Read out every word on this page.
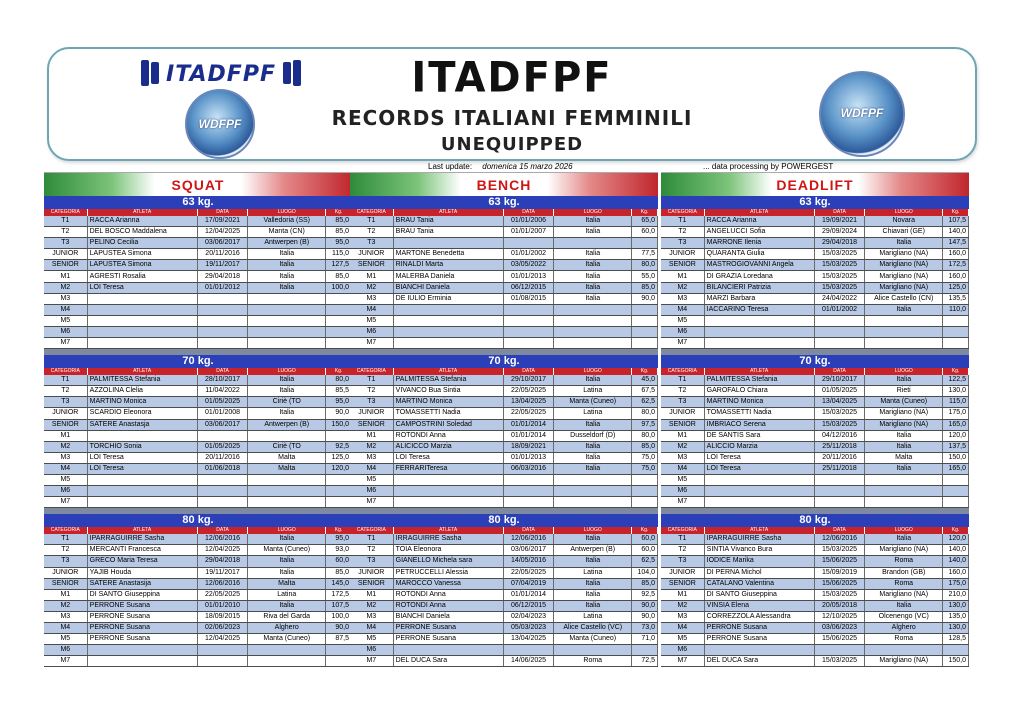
ITADFPF
WDFPF
ITADFPF
RECORDS ITALIANI FEMMINILI
UNEQUIPPED
WDFPF
Last update: domenica 15 marzo 2026	... data processing by POWERGEST
SQUAT
63 kg.
CATEGORIA	ATLETA	DATA	LUOGO	Kg.
T1	RACCA Arianna	17/09/2021	Valledoria (SS)	85,0
T2	DEL BOSCO Maddalena	12/04/2025	Manta (CN)	85,0
T3	PELINO Cecilia	03/06/2017	Antwerpen (B)	95,0
JUNIOR	LAPUSTEA Simona	20/11/2016	Italia	115,0
SENIOR	LAPUSTEA Simona	19/11/2017	Italia	127,5
M1	AGRESTI Rosalia	29/04/2018	Italia	85,0
M2	LOI Teresa	01/01/2012	Italia	100,0
M3				
M4				
M5				
M6				
M7				
70 kg.
CATEGORIA	ATLETA	DATA	LUOGO	Kg.
T1	PALMITESSA Stefania	28/10/2017	Italia	80,0
T2	AZZOLINA Clelia	11/04/2022	Italia	85,5
T3	MARTINO Monica	01/05/2025	Ciriè (TO	95,0
JUNIOR	SCARDIO Eleonora	01/01/2008	Italia	90,0
SENIOR	SATERE Anastasja	03/06/2017	Antwerpen (B)	150,0
M1				
M2	TORCHIO Sonia	01/05/2025	Ciriè (TO	92,5
M3	LOI Teresa	20/11/2016	Malta	125,0
M4	LOI Teresa	01/06/2018	Malta	120,0
M5				
M6				
M7				
80 kg.
CATEGORIA	ATLETA	DATA	LUOGO	Kg.
T1	IPARRAGUIRRE Sasha	12/06/2016	Italia	95,0
T2	MERCANTI Francesca	12/04/2025	Manta (Cuneo)	93,0
T3	GRECO Maria Teresa	29/04/2018	Italia	60,0
JUNIOR	YAJIB Houda	19/11/2017	Italia	85,0
SENIOR	SATERE Anastasija	12/06/2016	Malta	145,0
M1	DI SANTO Giuseppina	22/05/2025	Latina	172,5
M2	PERRONE Susana	01/01/2010	Italia	107,5
M3	PERRONE Susana	18/09/2015	Riva del Garda	100,0
M4	PERRONE Susana	02/06/2023	Alghero	90,0
M5	PERRONE Susana	12/04/2025	Manta (Cuneo)	87,5
M6				
M7				
BENCH
63 kg.
CATEGORIA	ATLETA	DATA	LUOGO	Kg.
T1	BRAU Tania	01/01/2006	Italia	65,0
T2	BRAU Tania	01/01/2007	Italia	60,0
T3				
JUNIOR	MARTONE Benedetta	01/01/2002	Italia	77,5
SENIOR	RINALDI Marta	03/05/2022	Italia	80,0
M1	MALERBA Daniela	01/01/2013	Italia	55,0
M2	BIANCHI Daniela	06/12/2015	Italia	85,0
M3	DE IULIO Erminia	01/08/2015	Italia	90,0
M4				
M5				
M6				
M7				
70 kg.
CATEGORIA	ATLETA	DATA	LUOGO	Kg.
T1	PALMITESSA Stefania	29/10/2017	Italia	45,0
T2	VIVANCO Bua Sintia	22/05/2025	Latina	67,5
T3	MARTINO Monica	13/04/2025	Manta (Cuneo)	62,5
JUNIOR	TOMASSETTI Nadia	22/05/2025	Latina	80,0
SENIOR	CAMPOSTRINI Soledad	01/01/2014	Italia	97,5
M1	ROTONDI Anna	01/01/2014	Dusseldorf (D)	80,0
M2	ALICICCO Marzia	18/09/2021	Italia	85,0
M3	LOI Teresa	01/01/2013	Italia	75,0
M4	FERRARITeresa	06/03/2016	Italia	75,0
M5				
M6				
M7				
80 kg.
CATEGORIA	ATLETA	DATA	LUOGO	Kg.
T1	IRRAGUIRRE Sasha	12/06/2016	Italia	60,0
T2	TOIA Eleonora	03/06/2017	Antwerpen (B)	60,0
T3	GIANELLO Michela sara	14/05/2016	Italia	62,5
JUNIOR	PETRUCCELLI Alessia	22/05/2025	Latina	104,0
SENIOR	MAROCCO Vanessa	07/04/2019	Italia	85,0
M1	ROTONDI Anna	01/01/2014	Italia	92,5
M2	ROTONDI Anna	06/12/2015	Italia	90,0
M3	BIANCHI Daniela	02/04/2023	Latina	90,0
M4	PERRONE Susana	05/03/2023	Alice Castello (VC)	73,0
M5	PERRONE Susana	13/04/2025	Manta (Cuneo)	71,0
M6				
M7	DEL DUCA Sara	14/06/2025	Roma	72,5
DEADLIFT
63 kg.
CATEGORIA	ATLETA	DATA	LUOGO	Kg.
T1	RACCA Arianna	19/09/2021	Novara	107,5
T2	ANGELUCCI Sofia	29/09/2024	Chiavari (GE)	140,0
T3	MARRONE Ilenia	29/04/2018	Italia	147,5
JUNIOR	QUARANTA Giulia	15/03/2025	Marigliano (NA)	160,0
SENIOR	MASTROGIOVANNI Angela	15/03/2025	Marigliano (NA)	172,5
M1	DI GRAZIA Loredana	15/03/2025	Marigliano (NA)	160,0
M2	BILANCIERI Patrizia	15/03/2025	Marigliano (NA)	125,0
M3	MARZI Barbara	24/04/2022	Alice Castello (CN)	135,5
M4	IACCARINO Teresa	01/01/2002	Italia	110,0
M5				
M6				
M7				
70 kg.
CATEGORIA	ATLETA	DATA	LUOGO	Kg.
T1	PALMITESSA Stefania	29/10/2017	Italia	122,5
T2	GAROFALO Chiara	01/05/2025	Rieti	130,0
T3	MARTINO Monica	13/04/2025	Manta (Cuneo)	115,0
JUNIOR	TOMASSETTI Nadia	15/03/2025	Marigliano (NA)	175,0
SENIOR	IMBRIACO Serena	15/03/2025	Marigliano (NA)	165,0
M1	DE SANTIS Sara	04/12/2016	Italia	120,0
M2	ALICCIO Marzia	25/11/2018	Italia	137,5
M3	LOI Teresa	20/11/2016	Malta	150,0
M4	LOI Teresa	25/11/2018	Italia	165,0
M5				
M6				
M7				
80 kg.
CATEGORIA	ATLETA	DATA	LUOGO	Kg.
T1	IPARRAGUIRRE Sasha	12/06/2016	Italia	120,0
T2	SINTIA Vivanco Bura	15/03/2025	Marigliano (NA)	140,0
T3	IODICE Marika	15/06/2025	Roma	140,0
JUNIOR	DI PERNA Michol	15/09/2019	Brandon (GB)	160,0
SENIOR	CATALANO Valentina	15/06/2025	Roma	175,0
M1	DI SANTO Giuseppina	15/03/2025	Marigliano (NA)	210,0
M2	VINSIA Elena	20/05/2018	Italia	130,0
M3	CORREZZOLA Alessandra	12/10/2025	Olcenengo (VC)	135,0
M4	PERRONE Susana	03/06/2023	Alghero	130,0
M5	PERRONE Susana	15/06/2025	Roma	128,5
M6				
M7	DEL DUCA Sara	15/03/2025	Marigliano (NA)	150,0
